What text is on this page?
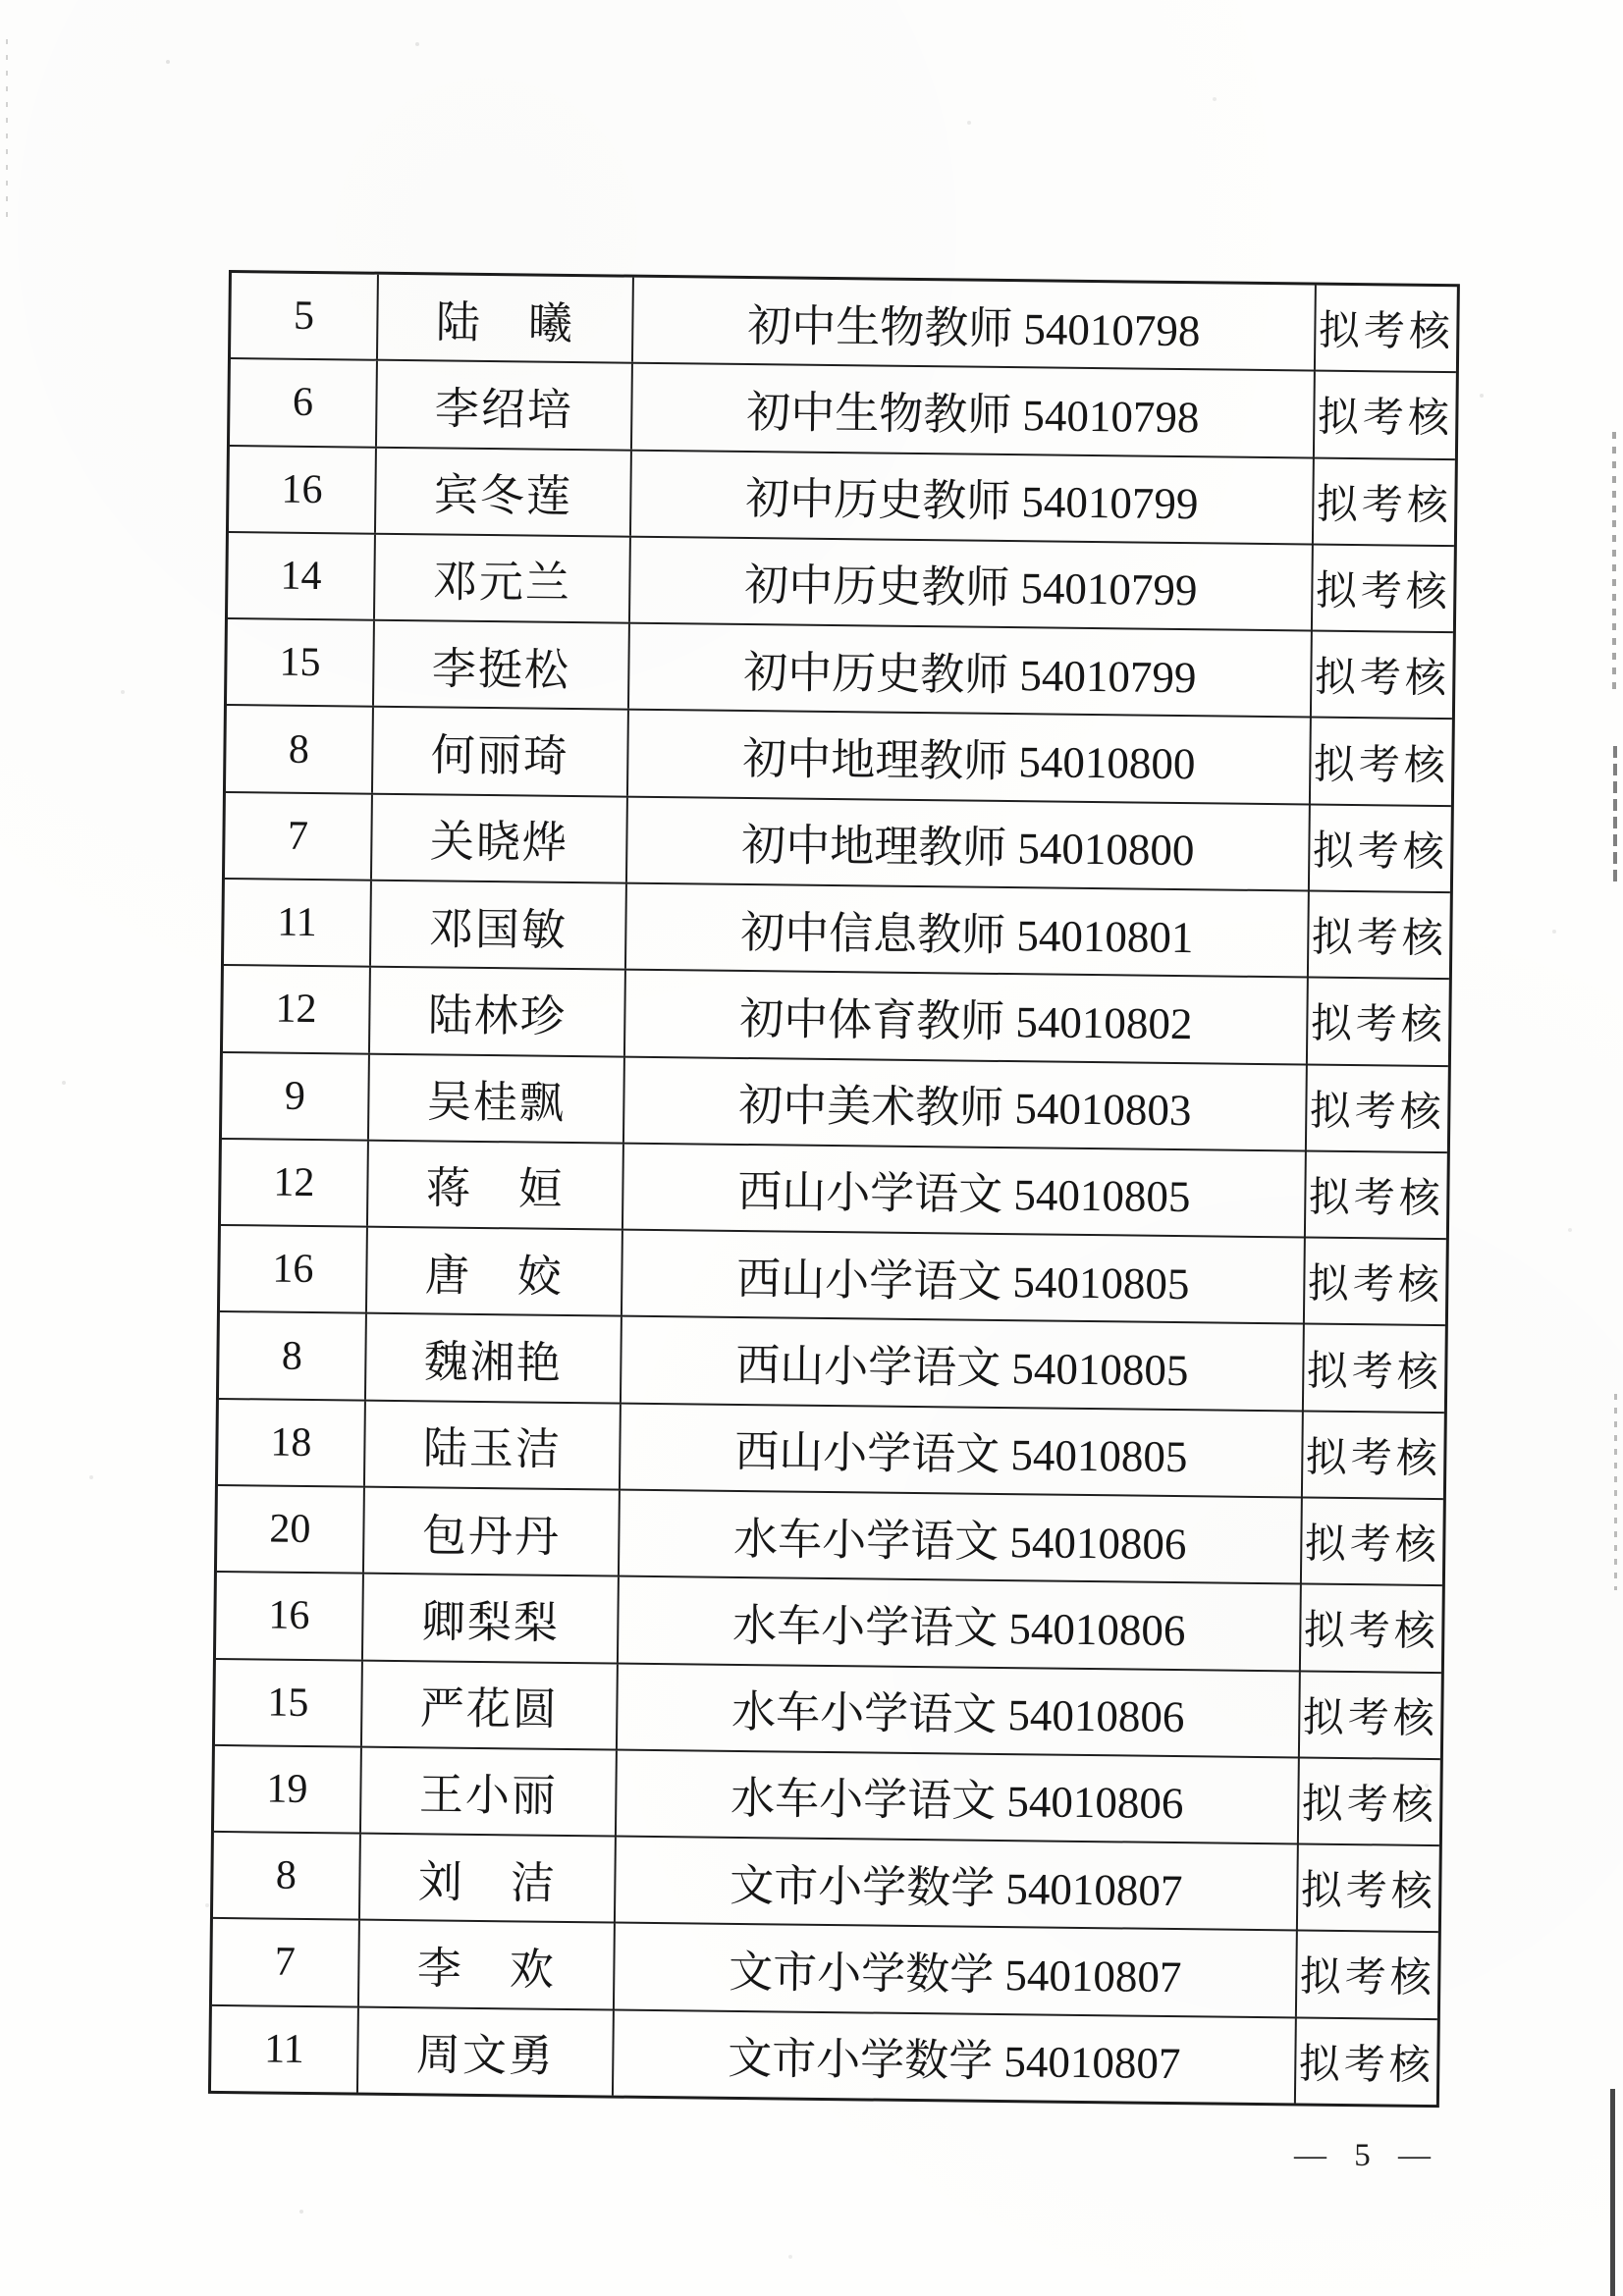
5	陆　曦	初中生物教师 54010798	拟考核
6	李绍培	初中生物教师 54010798	拟考核
16	宾冬莲	初中历史教师 54010799	拟考核
14	邓元兰	初中历史教师 54010799	拟考核
15	李挺松	初中历史教师 54010799	拟考核
8	何丽琦	初中地理教师 54010800	拟考核
7	关晓烨	初中地理教师 54010800	拟考核
11	邓国敏	初中信息教师 54010801	拟考核
12	陆林珍	初中体育教师 54010802	拟考核
9	吴桂飘	初中美术教师 54010803	拟考核
12	蒋　姮	西山小学语文 54010805	拟考核
16	唐　姣	西山小学语文 54010805	拟考核
8	魏湘艳	西山小学语文 54010805	拟考核
18	陆玉洁	西山小学语文 54010805	拟考核
20	包丹丹	水车小学语文 54010806	拟考核
16	卿梨梨	水车小学语文 54010806	拟考核
15	严花圆	水车小学语文 54010806	拟考核
19	王小丽	水车小学语文 54010806	拟考核
8	刘　洁	文市小学数学 54010807	拟考核
7	李　欢	文市小学数学 54010807	拟考核
11	周文勇	文市小学数学 54010807	拟考核
— 5 —
